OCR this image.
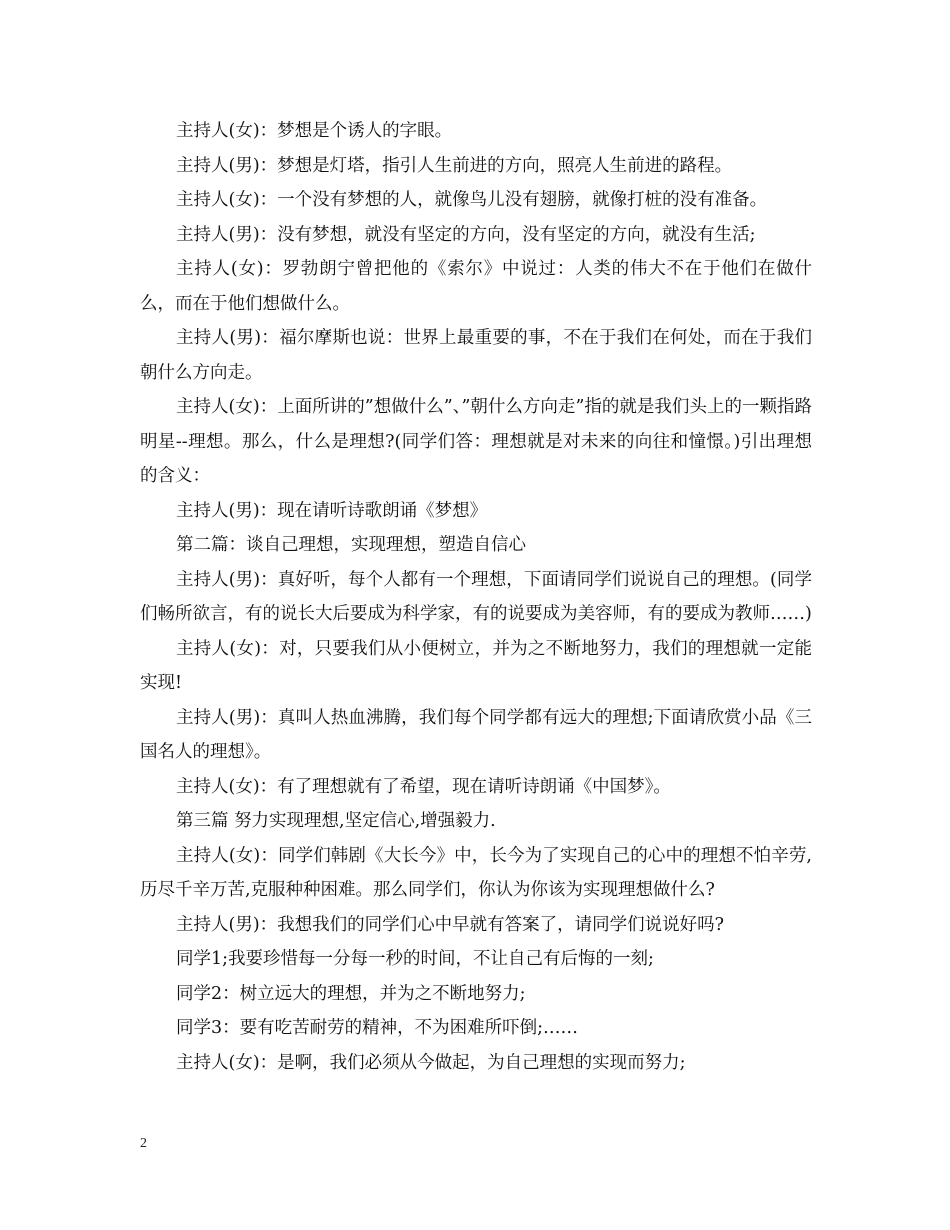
主持人(女)：梦想是个诱人的字眼。

主持人(男)：梦想是灯塔，指引人生前进的方向，照亮人生前进的路程。

主持人(女)：一个没有梦想的人，就像鸟儿没有翅膀，就像打桩的没有准备。

主持人(男)：没有梦想，就没有坚定的方向，没有坚定的方向，就没有生活;

主持人(女)：罗勃朗宁曾把他的《索尔》中说过：人类的伟大不在于他们在做什么，而在于他们想做什么。

主持人(男)：福尔摩斯也说：世界上最重要的事，不在于我们在何处，而在于我们朝什么方向走。

主持人(女)：上面所讲的”想做什么”、”朝什么方向走”指的就是我们头上的一颗指路明星--理想。那么，什么是理想?(同学们答：理想就是对未来的向往和憧憬。)引出理想的含义：

主持人(男)：现在请听诗歌朗诵《梦想》

第二篇：谈自己理想，实现理想，塑造自信心

主持人(男)：真好听，每个人都有一个理想，下面请同学们说说自己的理想。(同学们畅所欲言，有的说长大后要成为科学家，有的说要成为美容师，有的要成为教师……)

主持人(女)：对，只要我们从小便树立，并为之不断地努力，我们的理想就一定能实现!

主持人(男)：真叫人热血沸腾，我们每个同学都有远大的理想;下面请欣赏小品《三国名人的理想》。

主持人(女)：有了理想就有了希望，现在请听诗朗诵《中国梦》。

第三篇 努力实现理想,坚定信心,增强毅力.

主持人(女)：同学们韩剧《大长今》中，长今为了实现自己的心中的理想不怕辛劳,历尽千辛万苦,克服种种困难。那么同学们，你认为你该为实现理想做什么?

主持人(男)：我想我们的同学们心中早就有答案了，请同学们说说好吗?

同学1;我要珍惜每一分每一秒的时间，不让自己有后悔的一刻;

同学2：树立远大的理想，并为之不断地努力;

同学3：要有吃苦耐劳的精神，不为困难所吓倒;……

主持人(女)：是啊，我们必须从今做起，为自己理想的实现而努力;

2
